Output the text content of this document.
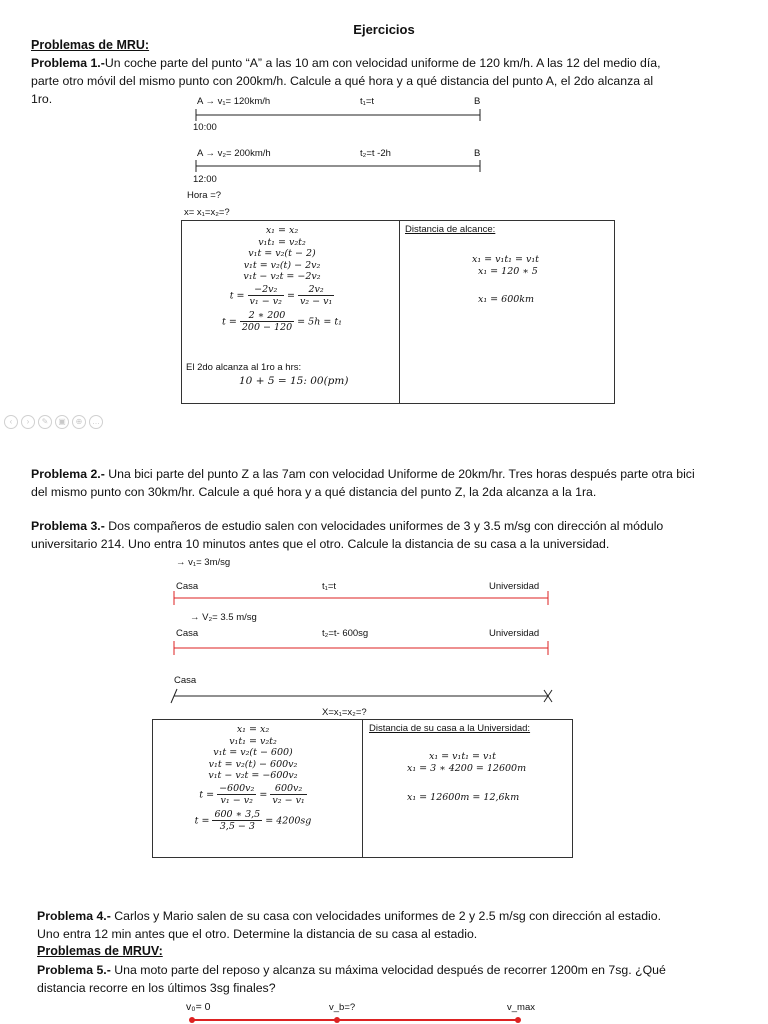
Ejercicios
Problemas de MRU:
Problema 1.-Un coche parte del punto “A” a las 10 am con velocidad uniforme de 120 km/h. A las 12 del medio día,
parte otro móvil del mismo punto con 200km/h. Calcule a qué hora y a qué distancia del punto A, el 2do alcanza al
1ro.	A → v₁= 120km/h	t₁=t	B
10:00
A → v₂= 200km/h	t₂=t -2h	B
12:00
Hora =?
x= x₁=x₂=?
x₁ = x₂
v₁t₁ = v₂t₂
v₁t = v₂(t − 2)
v₁t = v₂(t) − 2v₂
v₁t − v₂t = −2v₂
$t = \frac{\text{−2v₂}}{\text{v₁ − v₂}} = \frac{\text{2v₂}}{\text{v₂ − v₁}}$
$t = \frac{2 ∗ 200}{200 - 120} = 5h = t_1$
El 2do alcanza al 1ro a hrs:
10 + 5 = 15: 00(pm)
Distancia de alcance:
x₁ = v₁t₁ = v₁t
x₁ = 120 ∗ 5
x₁ = 600km
‹	›	✎	▣	⊕	…
Problema 2.- Una bici parte del punto Z a las 7am con velocidad Uniforme de 20km/hr. Tres horas después parte otra bici
del mismo punto con 30km/hr. Calcule a qué hora y a qué distancia del punto Z, la 2da alcanza a la 1ra.
Problema 3.- Dos compañeros de estudio salen con velocidades uniformes de 3 y 3.5 m/sg con dirección al módulo
universitario 214. Uno entra 10 minutos antes que el otro. Calcule la distancia de su casa a la universidad.
→ v₁= 3m/sg
Casa	t₁=t	Universidad
→ V₂= 3.5 m/sg
Casa	t₂=t- 600sg	Universidad
Casa
X=x₁=x₂=?
x₁ = x₂
v₁t₁ = v₂t₂
v₁t = v₂(t − 600)
v₁t = v₂(t) − 600v₂
v₁t − v₂t = −600v₂
$t = \frac{\text{−600v₂}}{\text{v₁ − v₂}} = \frac{\text{600v₂}}{\text{v₂ − v₁}}$
$t = \frac{600 ∗ 3,5}{3,5 - 3} = 4200sg$
Distancia de su casa a la Universidad:
x₁ = v₁t₁ = v₁t
x₁ = 3 ∗ 4200 = 12600m
x₁ = 12600m = 12,6km
Problema 4.- Carlos y Mario salen de su casa con velocidades uniformes de 2 y 2.5 m/sg con dirección al estadio.
Uno entra 12 min antes que el otro. Determine la distancia de su casa al estadio.
Problemas de MRUV:
Problema 5.- Una moto parte del reposo y alcanza su máxima velocidad después de recorrer 1200m en 7sg. ¿Qué
distancia recorre en los últimos 3sg finales?
v₀= 0	v_b=?	v_max
